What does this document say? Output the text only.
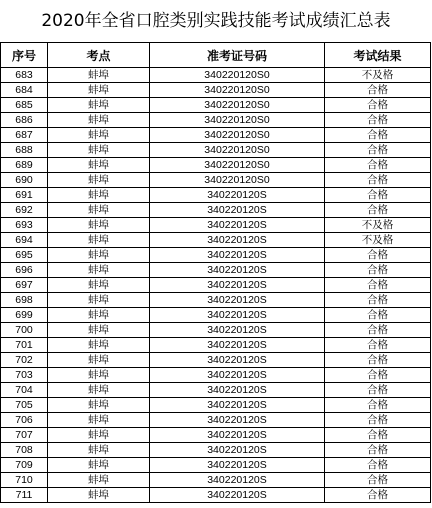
2020年全省口腔类别实践技能考试成绩汇总表
序号	考点	准考证号码	考试结果
683	蚌埠	340220120S0	不及格
684	蚌埠	340220120S0	合格
685	蚌埠	340220120S0	合格
686	蚌埠	340220120S0	合格
687	蚌埠	340220120S0	合格
688	蚌埠	340220120S0	合格
689	蚌埠	340220120S0	合格
690	蚌埠	340220120S0	合格
691	蚌埠	340220120S	合格
692	蚌埠	340220120S	合格
693	蚌埠	340220120S	不及格
694	蚌埠	340220120S	不及格
695	蚌埠	340220120S	合格
696	蚌埠	340220120S	合格
697	蚌埠	340220120S	合格
698	蚌埠	340220120S	合格
699	蚌埠	340220120S	合格
700	蚌埠	340220120S	合格
701	蚌埠	340220120S	合格
702	蚌埠	340220120S	合格
703	蚌埠	340220120S	合格
704	蚌埠	340220120S	合格
705	蚌埠	340220120S	合格
706	蚌埠	340220120S	合格
707	蚌埠	340220120S	合格
708	蚌埠	340220120S	合格
709	蚌埠	340220120S	合格
710	蚌埠	340220120S	合格
711	蚌埠	340220120S	合格
